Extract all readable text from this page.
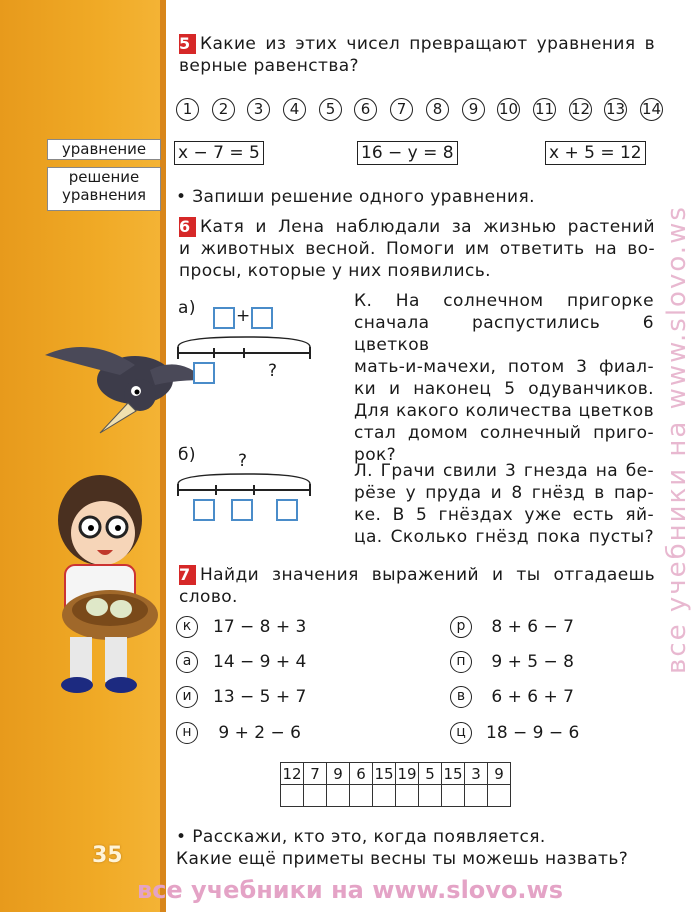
уравнение
решение
уравнения
35
5 Какие из этих чисел превращают уравнения в
верные равенства?
1	2	3	4	5	6	7	8	9	10 11 12 13 14
x − 7 = 5	16 − y = 8	x + 5 = 12
• Запиши решение одного уравнения.
6 Катя и Лена наблюдали за жизнью растений
и животных весной. Помоги им ответить на во-
просы, которые у них появились.
а) +
?
б) ?
К. На солнечном пригорке
сначала распустились 6 цветков
мать-и-мачехи, потом 3 фиал-
ки и наконец 5 одуванчиков.
Для какого количества цветков
стал домом солнечный приго-
рок?
Л. Грачи свили 3 гнезда на бе-
рёзе у пруда и 8 гнёзд в пар-
ке. В 5 гнёздах уже есть яй-
ца. Сколько гнёзд пока пусты?
7 Найди значения выражений и ты отгадаешь
слово.
к	17 − 8 + 3
а	14 − 9 + 4
и	13 − 5 + 7
н	9 + 2 − 6
р	8 + 6 − 7
п	9 + 5 − 8
в	6 + 6 + 7
ц	18 − 9 − 6
12	7	9	6	15	19	5	15	3	9

• Расскажи, кто это, когда появляется.
Какие ещё приметы весны ты можешь назвать?
все учебники на www.slovo.ws
все учебники на www.slovo.ws
